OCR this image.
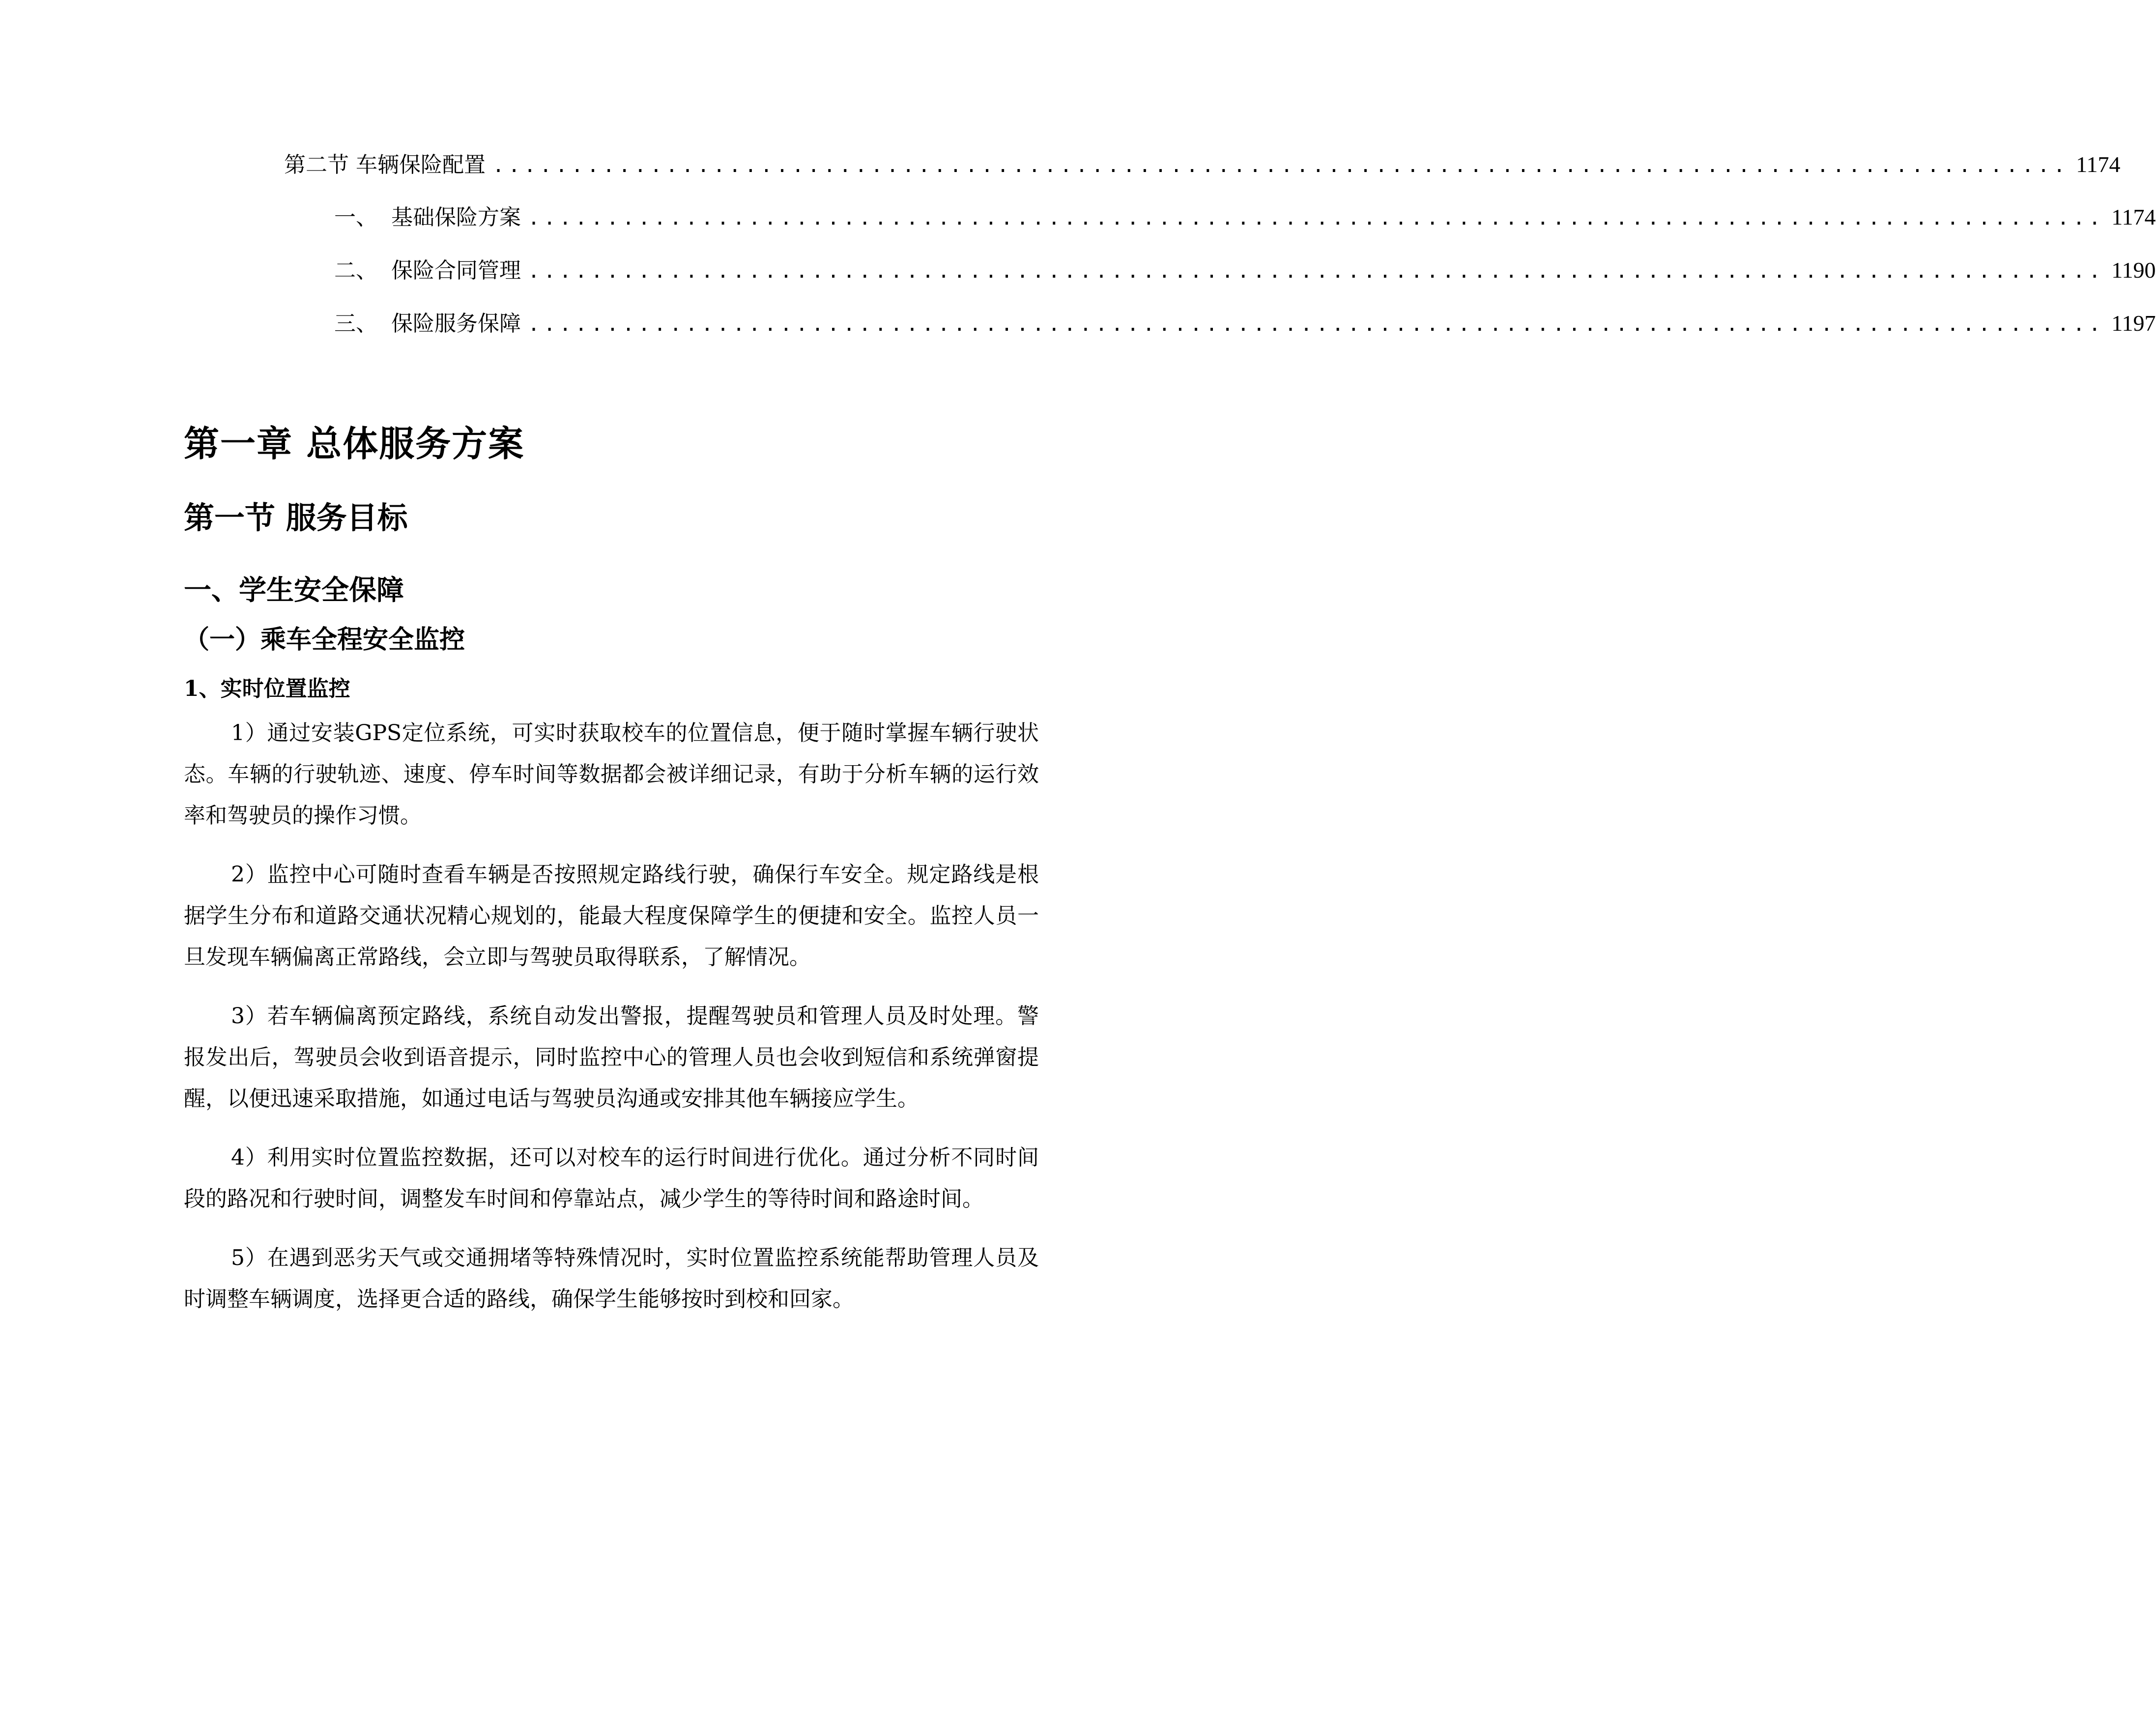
第二节 车辆保险配置 .................................................................................................... 1174
一、 基础保险方案 .................................................................................................... 1174
二、 保险合同管理 .................................................................................................... 1190
三、 保险服务保障 .................................................................................................... 1197
第一章 总体服务方案
第一节 服务目标
一、学生安全保障
（一）乘车全程安全监控
1、实时位置监控

1）通过安装GPS定位系统，可实时获取校车的位置信息，便于随时掌握车辆行驶状态。车辆的行驶轨迹、速度、停车时间等数据都会被详细记录，有助于分析车辆的运行效率和驾驶员的操作习惯。

2）监控中心可随时查看车辆是否按照规定路线行驶，确保行车安全。规定路线是根据学生分布和道路交通状况精心规划的，能最大程度保障学生的便捷和安全。监控人员一旦发现车辆偏离正常路线，会立即与驾驶员取得联系，了解情况。

3）若车辆偏离预定路线，系统自动发出警报，提醒驾驶员和管理人员及时处理。警报发出后，驾驶员会收到语音提示，同时监控中心的管理人员也会收到短信和系统弹窗提醒，以便迅速采取措施，如通过电话与驾驶员沟通或安排其他车辆接应学生。

4）利用实时位置监控数据，还可以对校车的运行时间进行优化。通过分析不同时间段的路况和行驶时间，调整发车时间和停靠站点，减少学生的等待时间和路途时间。

5）在遇到恶劣天气或交通拥堵等特殊情况时，实时位置监控系统能帮助管理人员及时调整车辆调度，选择更合适的路线，确保学生能够按时到校和回家。
